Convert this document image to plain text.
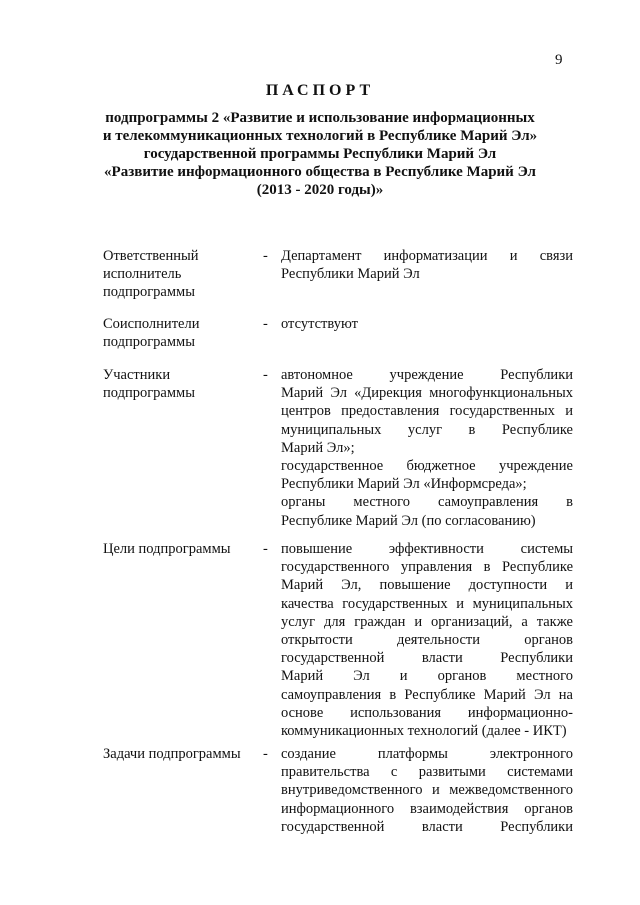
9
ПАСПОРТ
подпрограммы 2 «Развитие и использование информационных
и телекоммуникационных технологий в Республике Марий Эл»
государственной программы Республики Марий Эл
«Развитие информационного общества в Республике Марий Эл
(2013 - 2020 годы)»
Ответственный
исполнитель
подпрограммы
- Департамент информатизации и связи
Республики Марий Эл
Соисполнители
подпрограммы
- отсутствуют
Участники
подпрограммы
- автономное учреждение Республики
Марий Эл «Дирекция многофункциональных
центров предоставления государственных и
муниципальных услуг в Республике
Марий Эл»;
государственное бюджетное учреждение
Республики Марий Эл «Информсреда»;
органы местного самоуправления в
Республике Марий Эл (по согласованию)
Цели подпрограммы	- повышение эффективности системы
государственного управления в Республике
Марий Эл, повышение доступности и
качества государственных и муниципальных
услуг для граждан и организаций, а также
открытости деятельности органов
государственной власти Республики
Марий Эл и органов местного
самоуправления в Республике Марий Эл на
основе использования информационно-
коммуникационных технологий (далее - ИКТ)
Задачи подпрограммы	- создание платформы электронного
правительства с развитыми системами
внутриведомственного и межведомственного
информационного взаимодействия органов
государственной власти Республики
